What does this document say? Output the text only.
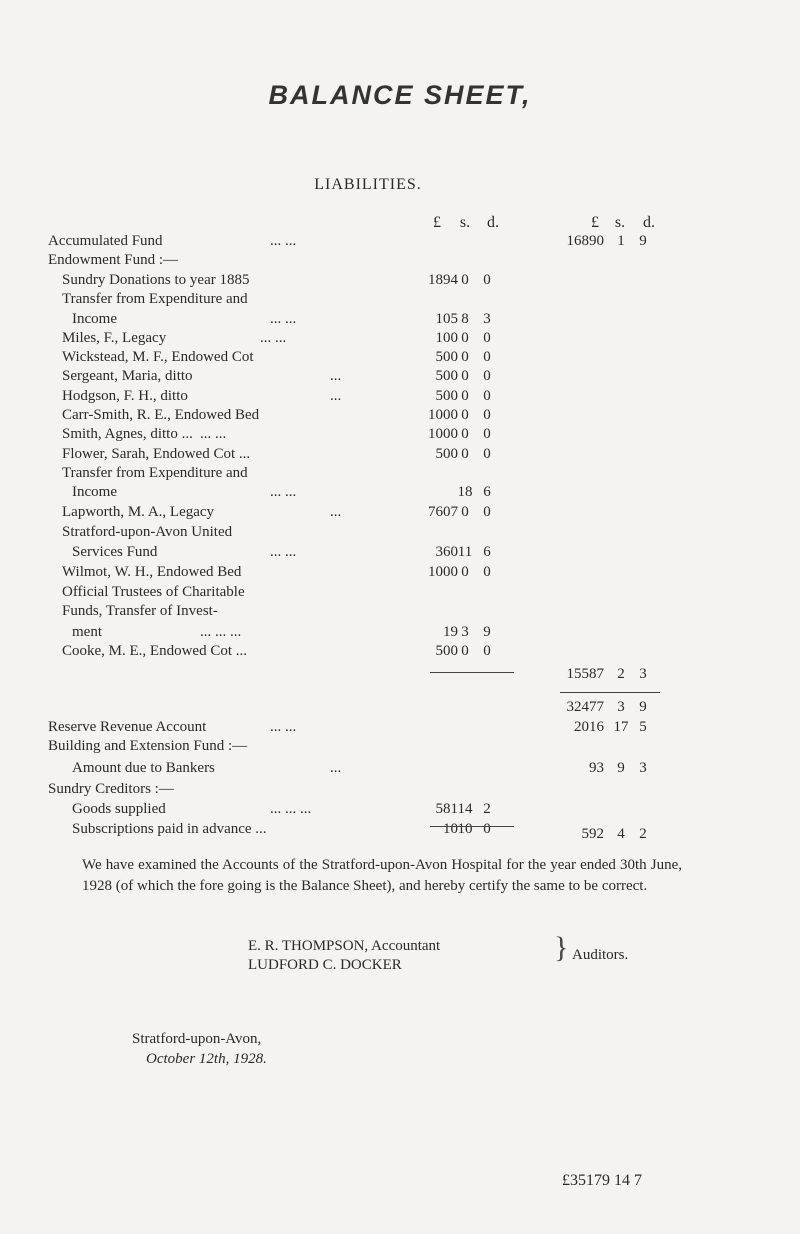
BALANCE SHEET,
LIABILITIES.
£	s.	d.	£ s.	d.
Accumulated Fund	... ...	16890 1 9
Endowment Fund :—
Sundry Donations to year 1885	1894 0 0
Transfer from Expenditure and
Income	... ...	105 8 3
Miles, F., Legacy	... ...	100 0 0
Wickstead, M. F., Endowed Cot	500 0 0
Sergeant, Maria, ditto	...	500 0 0
Hodgson, F. H., ditto	...	500 0 0
Carr-Smith, R. E., Endowed Bed	1000 0 0
Smith, Agnes, ditto ... ... ...	1000 0 0
Flower, Sarah, Endowed Cot ...	500 0 0
Transfer from Expenditure and
Income	... ...	18 6
Lapworth, M. A., Legacy	...	7607 0 0
Stratford-upon-Avon United
Services Fund	... ...	360 11 6
Wilmot, W. H., Endowed Bed	1000 0 0
Official Trustees of Charitable
Funds, Transfer of Invest-
ment	... ... ...	19 3 9
Cooke, M. E., Endowed Cot ...	500 0 0
15587 2 3
32477 3 9
Reserve Revenue Account	... ...	2016 17 5
Building and Extension Fund :—
Amount due to Bankers	...	93 9 3
Sundry Creditors :—
Goods supplied	... ... ...	581 14 2
Subscriptions paid in advance ...	10 10 0	592 4 2
We have examined the Accounts of the Stratford-upon-Avon Hospital for the year ended 30th June, 1928 (of which the fore going is the Balance Sheet), and hereby certify the same to be correct.
E. R. THOMPSON, Accountant
LUDFORD C. DOCKER
} Auditors.
Stratford-upon-Avon,
October 12th, 1928.
£35179 14 7
